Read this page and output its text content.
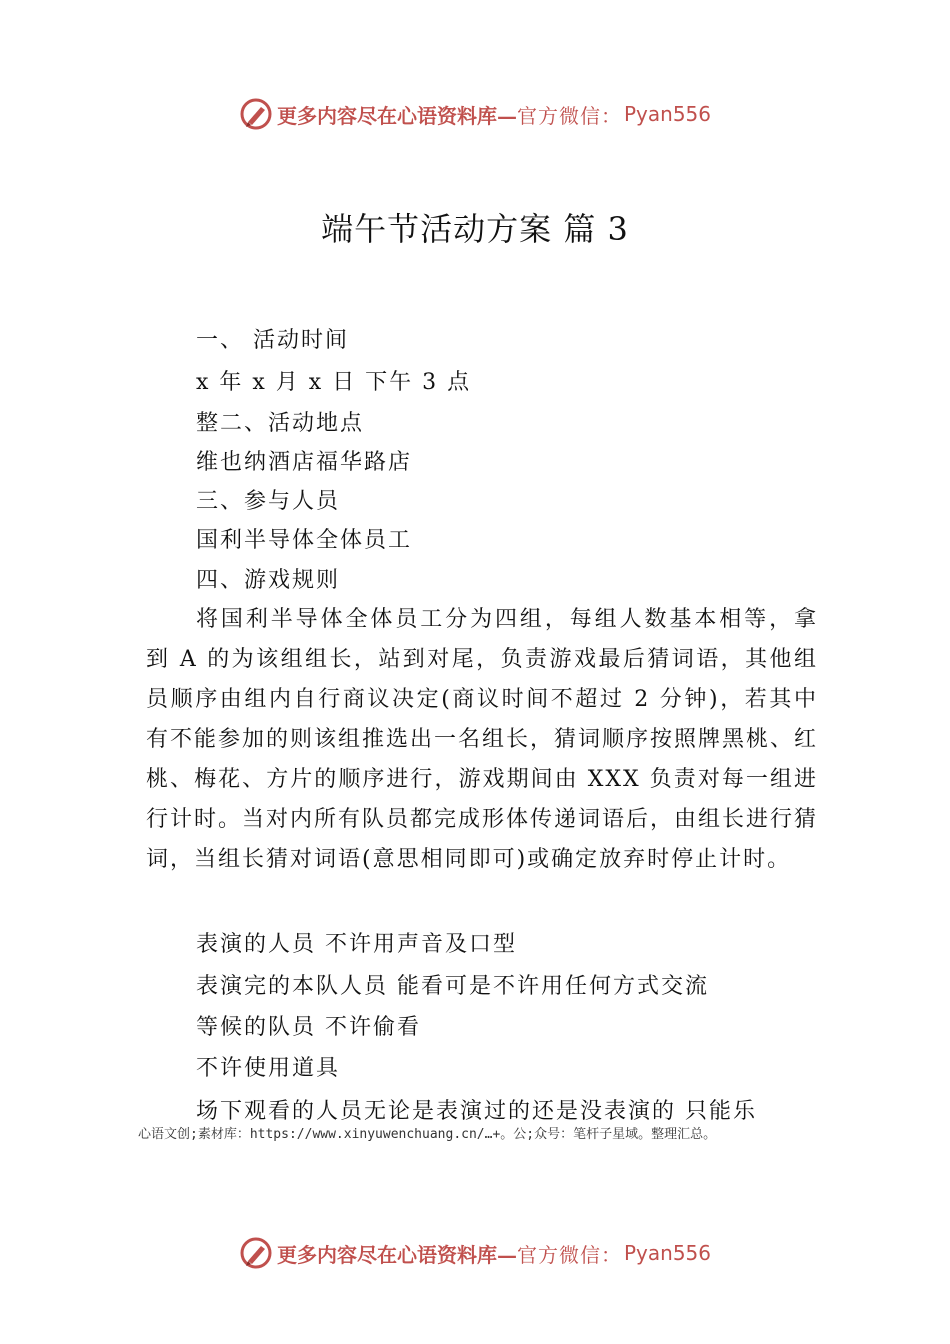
更多内容尽在心语资料库— 官方微信： Pyan556
端午节活动方案 篇 3
一、 活动时间
x 年 x 月 x 日 下午 3 点
整二、活动地点
维也纳酒店福华路店
三、参与人员
国利半导体全体员工
四、游戏规则
将国利半导体全体员工分为四组，每组人数基本相等，拿到 A 的为该组组长，站到对尾，负责游戏最后猜词语，其他组员顺序由组内自行商议决定(商议时间不超过 2 分钟)，若其中有不能参加的则该组推选出一名组长，猜词顺序按照牌黑桃、红桃、梅花、方片的顺序进行，游戏期间由 XXX 负责对每一组进行计时。当对内所有队员都完成形体传递词语后，由组长进行猜词，当组长猜对词语(意思相同即可)或确定放弃时停止计时。
表演的人员 不许用声音及口型
表演完的本队人员 能看可是不许用任何方式交流
等候的队员 不许偷看
不许使用道具
场下观看的人员无论是表演过的还是没表演的 只能乐
心语文创;素材库：https://www.xinyuwenchuang.cn/…+。公;众号：笔杆子星域。整理汇总。
更多内容尽在心语资料库— 官方微信： Pyan556
